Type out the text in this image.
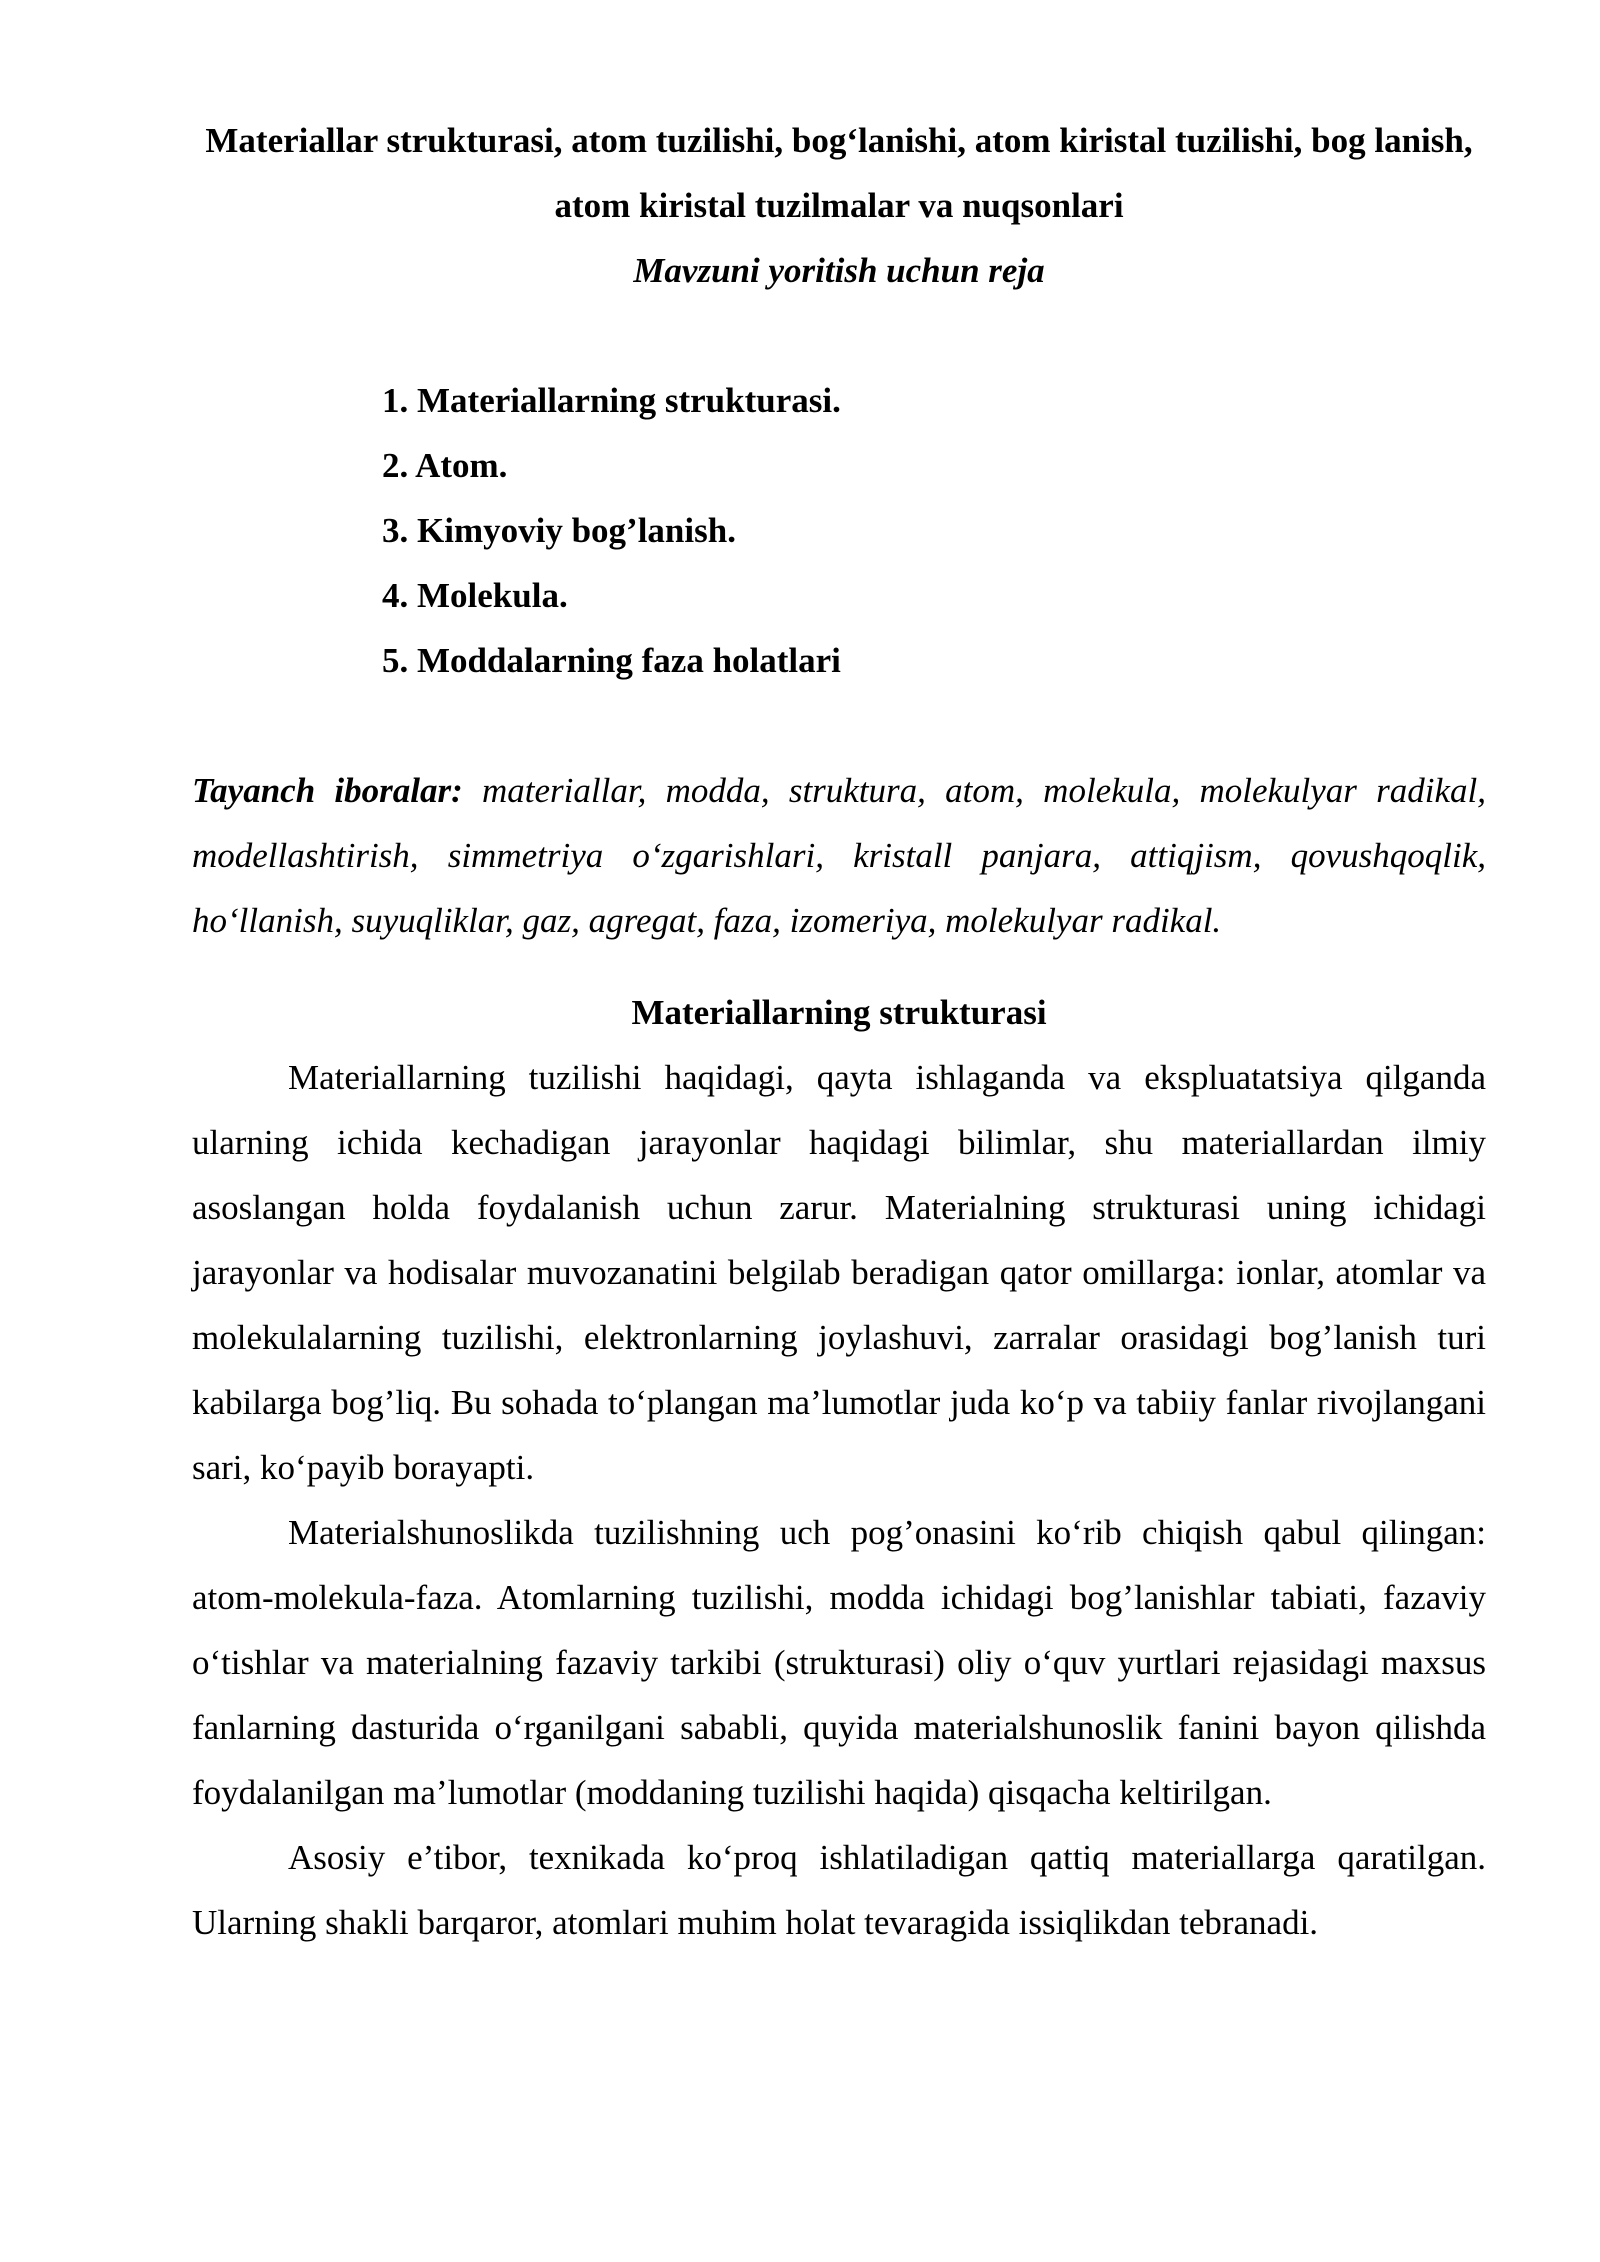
Materiallar strukturasi, atom tuzilishi, bog‘lanishi, atom kiristal tuzilishi, bog lanish, atom kiristal tuzilmalar va nuqsonlari

Mavzuni yoritish uchun reja

1. Materiallarning strukturasi.
2. Atom.
3. Kimyoviy bog’lanish.
4. Molekula.
5. Moddalarning faza holatlari

Tayanch iboralar: materiallar, modda, struktura, atom, molekula, molekulyar radikal, modellashtirish, simmetriya o‘zgarishlari, kristall panjara, attiqjism, qovushqoqlik, ho‘llanish, suyuqliklar, gaz, agregat, faza, izomeriya, molekulyar radikal.

Materiallarning strukturasi

Materiallarning tuzilishi haqidagi, qayta ishlaganda va ekspluatatsiya qilganda ularning ichida kechadigan jarayonlar haqidagi bilimlar, shu materiallardan ilmiy asoslangan holda foydalanish uchun zarur. Materialning strukturasi uning ichidagi jarayonlar va hodisalar muvozanatini belgilab beradigan qator omillarga: ionlar, atomlar va molekulalarning tuzilishi, elektronlarning joylashuvi, zarralar orasidagi bog’lanish turi kabilarga bog’liq. Bu sohada to‘plangan ma’lumotlar juda ko‘p va tabiiy fanlar rivojlangani sari, ko‘payib borayapti.

Materialshunoslikda tuzilishning uch pog’onasini ko‘rib chiqish qabul qilingan: atom-molekula-faza. Atomlarning tuzilishi, modda ichidagi bog’lanishlar tabiati, fazaviy o‘tishlar va materialning fazaviy tarkibi (strukturasi) oliy o‘quv yurtlari rejasidagi maxsus fanlarning dasturida o‘rganilgani sababli, quyida materialshunoslik fanini bayon qilishda foydalanilgan ma’lumotlar (moddaning tuzilishi haqida) qisqacha keltirilgan.

Asosiy e’tibor, texnikada ko‘proq ishlatiladigan qattiq materiallarga qaratilgan. Ularning shakli barqaror, atomlari muhim holat tevaragida issiqlikdan tebranadi.
